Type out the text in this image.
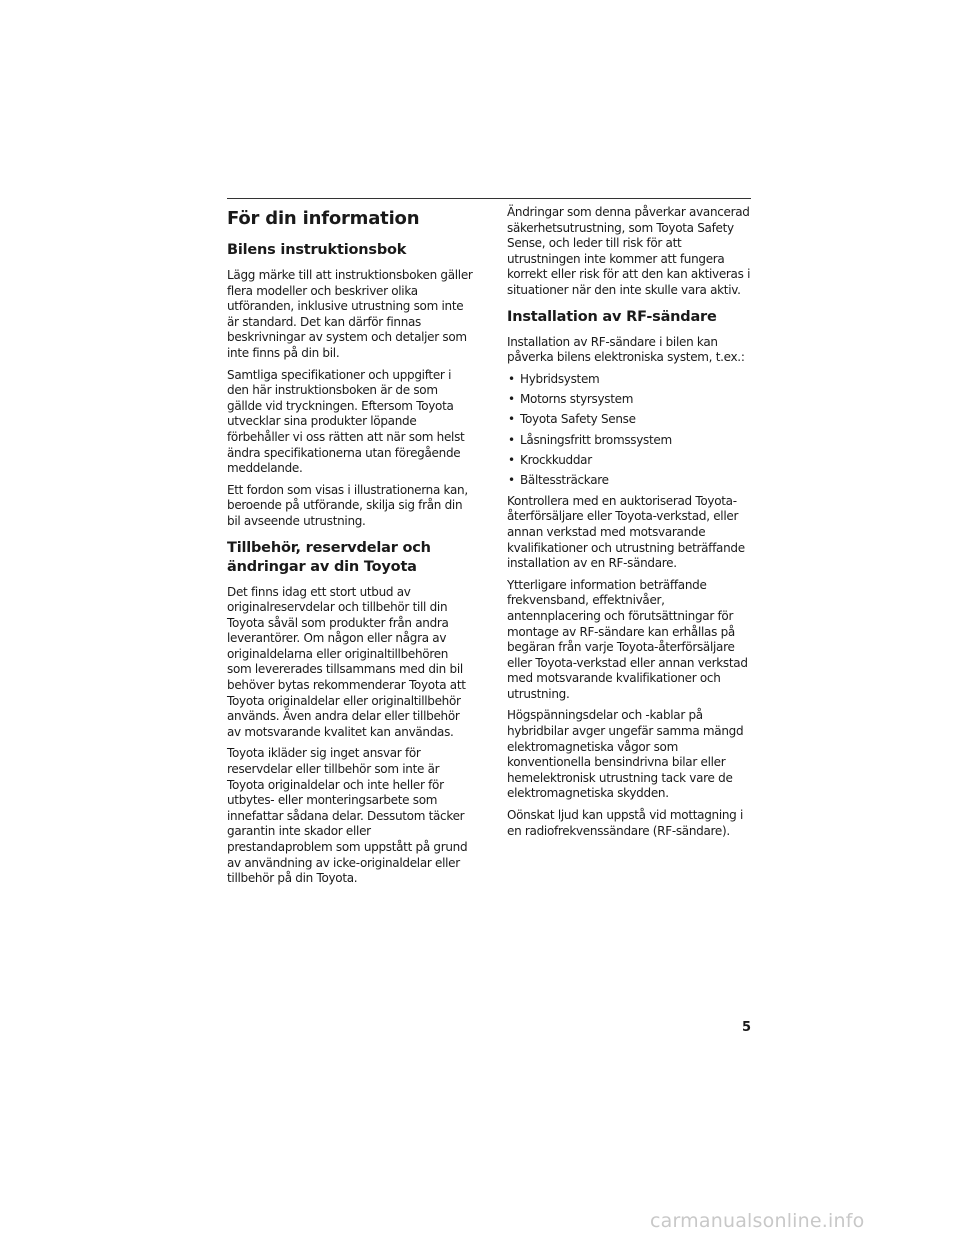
För din information
Bilens instruktionsbok

Lägg märke till att instruktionsboken gäller flera modeller och beskriver olika utföranden, inklusive utrustning som inte är standard. Det kan därför finnas beskrivningar av system och detaljer som inte finns på din bil.

Samtliga specifikationer och uppgifter i den här instruktionsboken är de som gällde vid tryckningen. Eftersom Toyota utvecklar sina produkter löpande förbehåller vi oss rätten att när som helst ändra specifikationerna utan föregående meddelande.

Ett fordon som visas i illustrationerna kan, beroende på utförande, skilja sig från din bil avseende utrustning.

Tillbehör, reservdelar och ändringar av din Toyota

Det finns idag ett stort utbud av originalreservdelar och tillbehör till din Toyota såväl som produkter från andra leverantörer. Om någon eller några av originaldelarna eller originaltillbehören som levererades tillsammans med din bil behöver bytas rekommenderar Toyota att Toyota originaldelar eller originaltillbehör används. Även andra delar eller tillbehör av motsvarande kvalitet kan användas.

Toyota ikläder sig inget ansvar för reservdelar eller tillbehör som inte är Toyota originaldelar och inte heller för utbytes- eller monteringsarbete som innefattar sådana delar. Dessutom täcker garantin inte skador eller prestandaproblem som uppstått på grund av användning av icke-originaldelar eller tillbehör på din Toyota.

Ändringar som denna påverkar avancerad säkerhetsutrustning, som Toyota Safety Sense, och leder till risk för att utrustningen inte kommer att fungera korrekt eller risk för att den kan aktiveras i situationer när den inte skulle vara aktiv.

Installation av RF-sändare

Installation av RF-sändare i bilen kan påverka bilens elektroniska system, t.ex.:

• Hybridsystem
• Motorns styrsystem
• Toyota Safety Sense
• Låsningsfritt bromssystem
• Krockkuddar
• Bältessträckare

Kontrollera med en auktoriserad Toyota-återförsäljare eller Toyota-verkstad, eller annan verkstad med motsvarande kvalifikationer och utrustning beträffande installation av en RF-sändare.

Ytterligare information beträffande frekvensband, effektnivåer, antennplacering och förutsättningar för montage av RF-sändare kan erhållas på begäran från varje Toyota-återförsäljare eller Toyota-verkstad eller annan verkstad med motsvarande kvalifikationer och utrustning.

Högspänningsdelar och -kablar på hybridbilar avger ungefär samma mängd elektromagnetiska vågor som konventionella bensindrivna bilar eller hemelektronisk utrustning tack vare de elektromagnetiska skydden.

Oönskat ljud kan uppstå vid mottagning i en radiofrekvenssändare (RF-sändare).

5
carmanualsonline.info
